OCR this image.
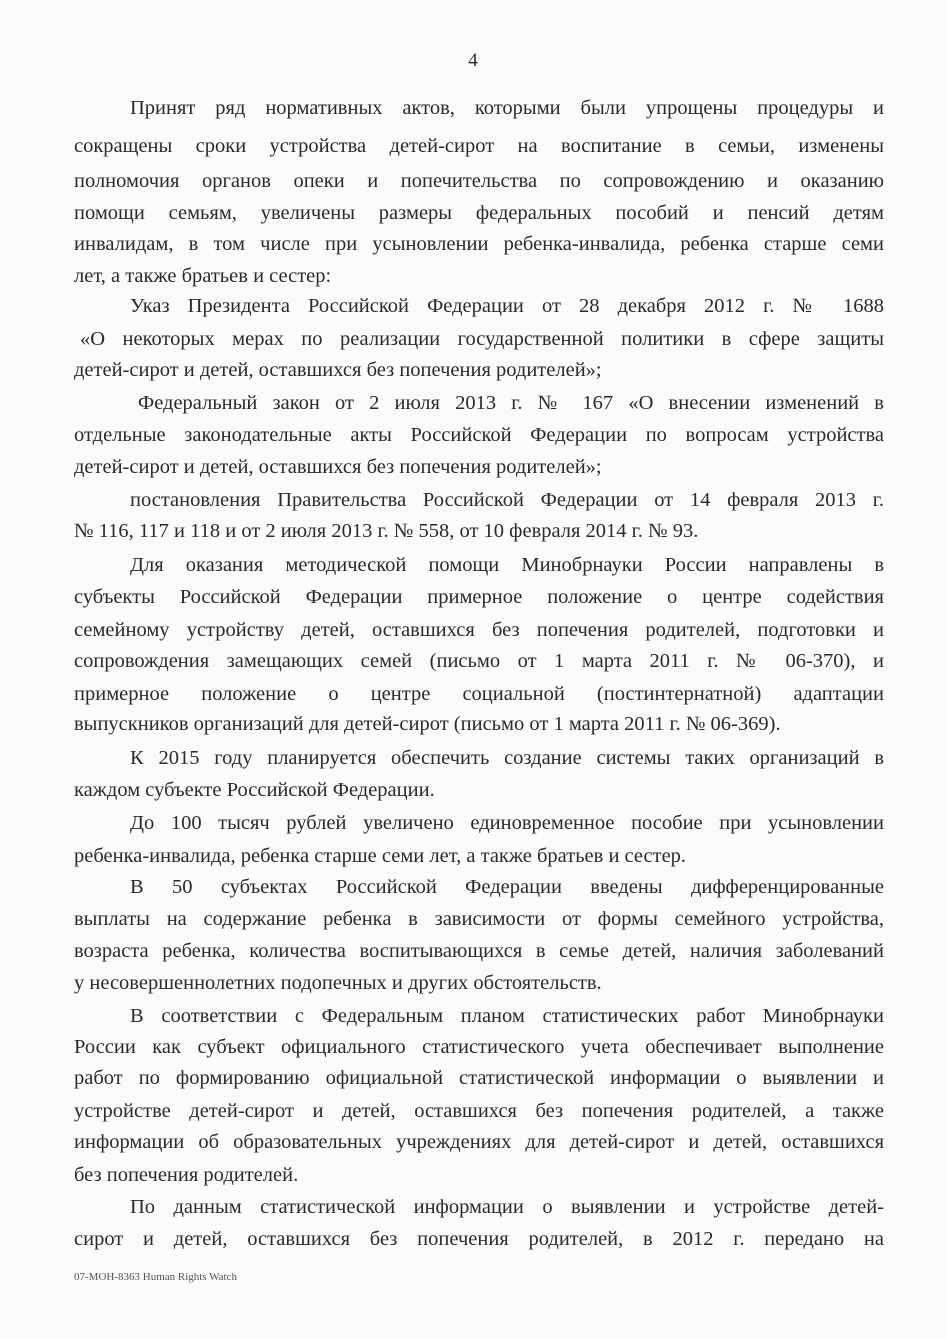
4
Принят ряд нормативных актов, которыми были упрощены процедуры и
сокращены сроки устройства детей-сирот на воспитание в семьи, изменены
полномочия органов опеки и попечительства по сопровождению и оказанию
помощи семьям, увеличены размеры федеральных пособий и пенсий детям
инвалидам, в том числе при усыновлении ребенка-инвалида, ребенка старше семи
лет, а также братьев и сестер:
Указ Президента Российской Федерации от 28 декабря 2012 г. № 1688
«О некоторых мерах по реализации государственной политики в сфере защиты
детей-сирот и детей, оставшихся без попечения родителей»;
Федеральный закон от 2 июля 2013 г. № 167 «О внесении изменений в
отдельные законодательные акты Российской Федерации по вопросам устройства
детей-сирот и детей, оставшихся без попечения родителей»;
постановления Правительства Российской Федерации от 14 февраля 2013 г.
№ 116, 117 и 118 и от 2 июля 2013 г. № 558, от 10 февраля 2014 г. № 93.
Для оказания методической помощи Минобрнауки России направлены в
субъекты Российской Федерации примерное положение о центре содействия
семейному устройству детей, оставшихся без попечения родителей, подготовки и
сопровождения замещающих семей (письмо от 1 марта 2011 г. № 06-370), и
примерное положение о центре социальной (постинтернатной) адаптации
выпускников организаций для детей-сирот (письмо от 1 марта 2011 г. № 06-369).
К 2015 году планируется обеспечить создание системы таких организаций в
каждом субъекте Российской Федерации.
До 100 тысяч рублей увеличено единовременное пособие при усыновлении
ребенка-инвалида, ребенка старше семи лет, а также братьев и сестер.
В 50 субъектах Российской Федерации введены дифференцированные
выплаты на содержание ребенка в зависимости от формы семейного устройства,
возраста ребенка, количества воспитывающихся в семье детей, наличия заболеваний
у несовершеннолетних подопечных и других обстоятельств.
В соответствии с Федеральным планом статистических работ Минобрнауки
России как субъект официального статистического учета обеспечивает выполнение
работ по формированию официальной статистической информации о выявлении и
устройстве детей-сирот и детей, оставшихся без попечения родителей, а также
информации об образовательных учреждениях для детей-сирот и детей, оставшихся
без попечения родителей.
По данным статистической информации о выявлении и устройстве детей-
сирот и детей, оставшихся без попечения родителей, в 2012 г. передано на
07-МОН-8363 Human Rights Watch
